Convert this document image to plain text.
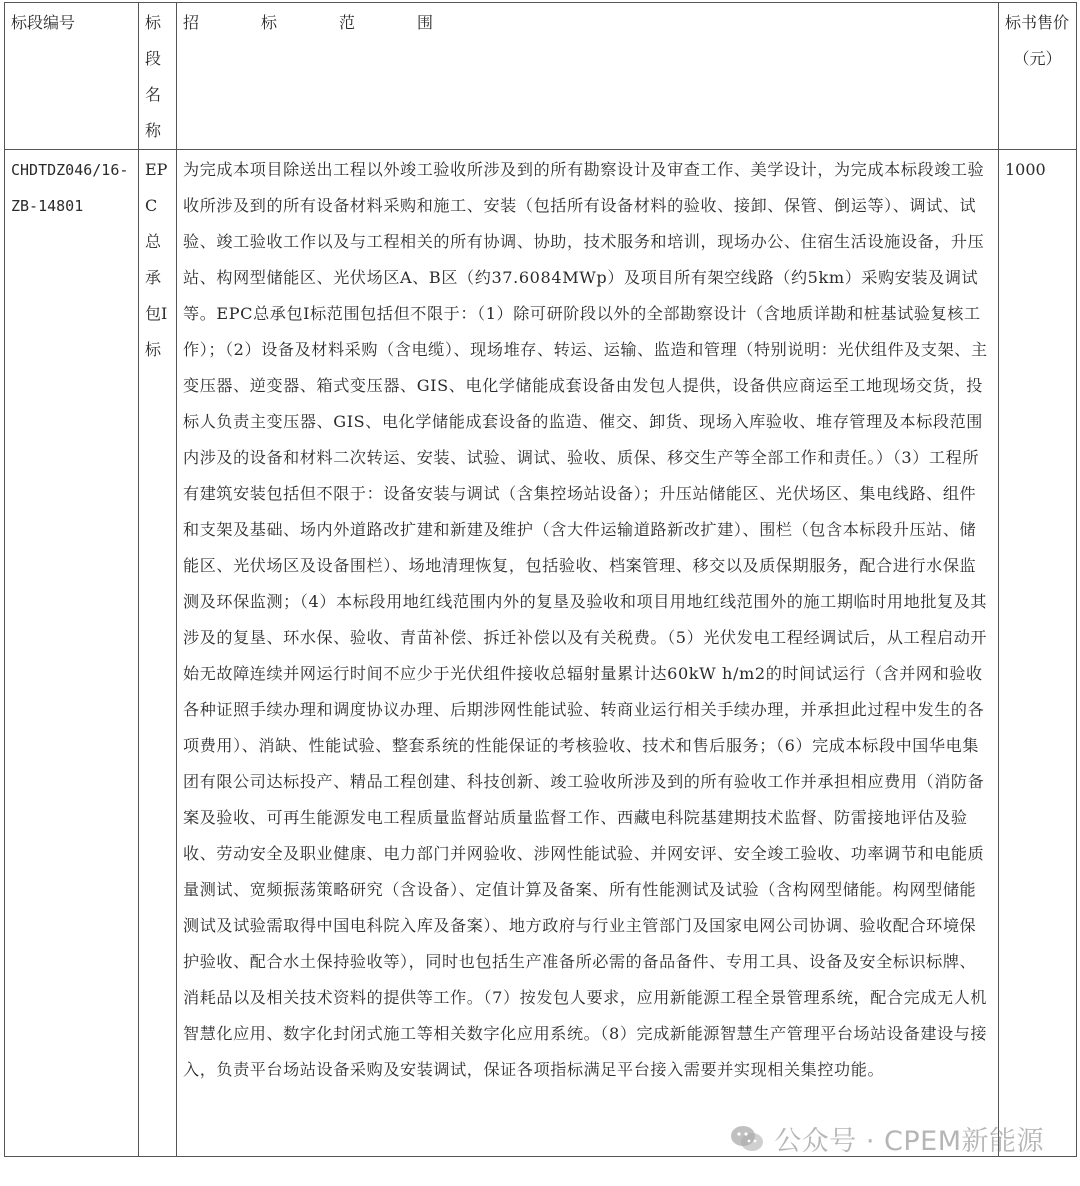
标段编号	标段名称	招标范围	标书售价
（元）

CHDTDZ046/16-ZB-14801	EPC总承包I标	为完成本项目除送出工程以外竣工验收所涉及到的所有勘察设计及审查工作、美学设计，为完成本标段竣工验收所涉及到的所有设备材料采购和施工、安装（包括所有设备材料的验收、接卸、保管、倒运等）、调试、试验、竣工验收工作以及与工程相关的所有协调、协助，技术服务和培训，现场办公、住宿生活设施设备，升压站、构网型储能区、光伏场区A、B区（约37.6084MWp）及项目所有架空线路（约5km）采购安装及调试等。EPC总承包I标范围包括但不限于：（1）除可研阶段以外的全部勘察设计（含地质详勘和桩基试验复核工作）；（2）设备及材料采购（含电缆）、现场堆存、转运、运输、监造和管理（特别说明：光伏组件及支架、主变压器、逆变器、箱式变压器、GIS、电化学储能成套设备由发包人提供，设备供应商运至工地现场交货，投标人负责主变压器、GIS、电化学储能成套设备的监造、催交、卸货、现场入库验收、堆存管理及本标段范围内涉及的设备和材料二次转运、安装、试验、调试、验收、质保、移交生产等全部工作和责任。）（3）工程所有建筑安装包括但不限于：设备安装与调试（含集控场站设备）；升压站储能区、光伏场区、集电线路、组件和支架及基础、场内外道路改扩建和新建及维护（含大件运输道路新改扩建）、围栏（包含本标段升压站、储能区、光伏场区及设备围栏）、场地清理恢复，包括验收、档案管理、移交以及质保期服务，配合进行水保监测及环保监测；（4）本标段用地红线范围内外的复垦及验收和项目用地红线范围外的施工期临时用地批复及其涉及的复垦、环水保、验收、青苗补偿、拆迁补偿以及有关税费。（5）光伏发电工程经调试后，从工程启动开始无故障连续并网运行时间不应少于光伏组件接收总辐射量累计达60kW h/m2的时间试运行（含并网和验收各种证照手续办理和调度协议办理、后期涉网性能试验、转商业运行相关手续办理，并承担此过程中发生的各项费用）、消缺、性能试验、整套系统的性能保证的考核验收、技术和售后服务；（6）完成本标段中国华电集团有限公司达标投产、精品工程创建、科技创新、竣工验收所涉及到的所有验收工作并承担相应费用（消防备案及验收、可再生能源发电工程质量监督站质量监督工作、西藏电科院基建期技术监督、防雷接地评估及验收、劳动安全及职业健康、电力部门并网验收、涉网性能试验、并网安评、安全竣工验收、功率调节和电能质量测试、宽频振荡策略研究（含设备）、定值计算及备案、所有性能测试及试验（含构网型储能。构网型储能测试及试验需取得中国电科院入库及备案）、地方政府与行业主管部门及国家电网公司协调、验收配合环境保护验收、配合水土保持验收等），同时也包括生产准备所必需的备品备件、专用工具、设备及安全标识标牌、消耗品以及相关技术资料的提供等工作。（7）按发包人要求，应用新能源工程全景管理系统，配合完成无人机智慧化应用、数字化封闭式施工等相关数字化应用系统。（8）完成新能源智慧生产管理平台场站设备建设与接入，负责平台场站设备采购及安装调试，保证各项指标满足平台接入需要并实现相关集控功能。	1000
公众号 · CPEM新能源
